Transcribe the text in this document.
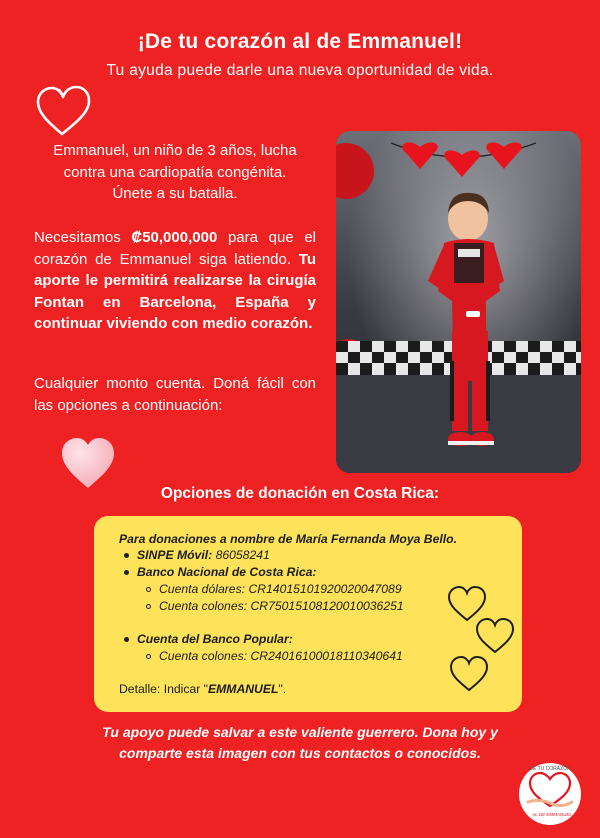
¡De tu corazón al de Emmanuel!
Tu ayuda puede darle una nueva oportunidad de vida.
Emmanuel, un niño de 3 años, lucha
contra una cardiopatía congénita.
Únete a su batalla.
Necesitamos ₡50,000,000 para que el corazón de Emmanuel siga latiendo. Tu aporte le permitirá realizarse la cirugía Fontan en Barcelona, España y continuar viviendo con medio corazón.
Cualquier monto cuenta. Doná fácil con las opciones a continuación:
Opciones de donación en Costa Rica:
Para donaciones a nombre de María Fernanda Moya Bello.
SINPE Móvil: 86058241
Banco Nacional de Costa Rica:
Cuenta dólares: CR14015101920020047089
Cuenta colones: CR75015108120010036251
Cuenta del Banco Popular:
Cuenta colones: CR24016100018110340641
Detalle: Indicar "EMMANUEL".
Tu apoyo puede salvar a este valiente guerrero. Dona hoy y
comparte esta imagen con tus contactos o conocidos.
DE TU CORAZÓN
AL DE EMMANUEL
